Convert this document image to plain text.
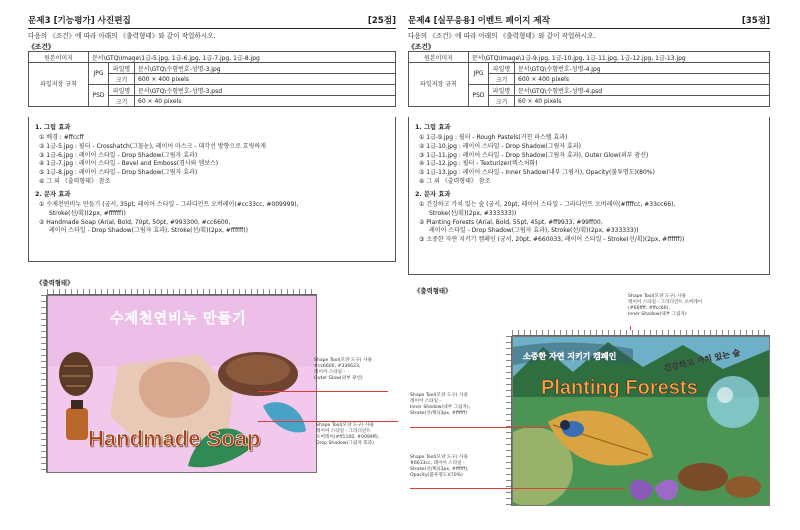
문제3 [기능평가] 사진편집	[25점]
다음의 《조건》에 따라 아래의 《출력형태》와 같이 작업하시오.
《조건》
원본이미지	문서\GTQ\Image\1급-5.jpg, 1급-6.jpg, 1급-7.jpg, 1급-8.jpg		
파일저장 규칙	JPG	파일명	문서\GTQ\수험번호-성명-3.jpg
		크기	600 × 400 pixels
	PSD	파일명	문서\GTQ\수험번호-성명-3.psd
		크기	60 × 40 pixels
1. 그림 효과
① 배경 : #ffccff
② 1급-5.jpg : 필터 - Crosshatch(그물눈), 레이어 마스크 - 대각선 방향으로 흐릿하게
③ 1급-6.jpg : 레이어 스타일 - Drop Shadow(그림자 효과)
④ 1급-7.jpg : 레이어 스타일 - Bevel and Emboss(경사와 엠보스)
⑤ 1급-8.jpg : 레이어 스타일 - Drop Shadow(그림자 효과)
⑥ 그 외 《출력형태》 참조
2. 문자 효과
① 수제천연비누 만들기 (궁서, 35pt, 레이어 스타일 - 그라디언트 오버레이(#cc33cc, #009999),
Stroke(선/획)(2px, #ffffff))
② Handmade Soap (Arial, Bold, 70pt, 50pt, #993300, #cc6600,
레이어 스타일 - Drop Shadow(그림자 효과), Stroke(선/획)(2px, #ffffff))
《출력형태》
수제천연비누 만들기
Handmade Soap
Shape Tool(모양 도구) 사용
#cc6600, #336633,
레이어 스타일 -
Outer Glow(외부 광선)
Shape Tool(모양 도구) 사용
레이어 스타일 - 그라디언트
오버레이(#ff1100, #0099ff),
Drop Shadow(그림자 효과)
문제4 [실무응용] 이벤트 페이지 제작	[35점]
다음의 《조건》에 따라 아래의 《출력형태》와 같이 작업하시오.
《조건》
원본이미지	문서\GTQ\Image\1급-9.jpg, 1급-10.jpg, 1급-11.jpg, 1급-12.jpg, 1급-13.jpg		
파일저장 규칙	JPG	파일명	문서\GTQ\수험번호-성명-4.jpg
		크기	600 × 400 pixels
	PSD	파일명	문서\GTQ\수험번호-성명-4.psd
		크기	60 × 40 pixels
1. 그림 효과
① 1급-9.jpg : 필터 - Rough Pastels(거친 파스텔 효과)
② 1급-10.jpg : 레이어 스타일 - Drop Shadow(그림자 효과)
③ 1급-11.jpg : 레이어 스타일 - Drop Shadow(그림자 효과), Outer Glow(외부 광선)
④ 1급-12.jpg : 필터 - Texturizer(텍스처화)
⑤ 1급-13.jpg : 레이어 스타일 - Inner Shadow(내부 그림자), Opacity(불투명도)(80%)
⑥ 그 외 《출력형태》 참조
2. 문자 효과
① 건강하고 가치 있는 숲 (궁서, 20pt, 레이어 스타일 - 그라디언트 오버레이(#ffffcc, #33cc66),
Stroke(선/획)(2px, #333333))
② Planting Forests (Arial, Bold, 55pt, 45pt, #ff9933, #99ff00,
레이어 스타일 - Drop Shadow(그림자 효과), Stroke(선/획)(2px, #333333))
③ 소중한 자연 지키기 캠페인 (궁서, 20pt, #660033, 레이어 스타일 - Stroke(선/획)(2px, #ffffff))
《출력형태》
Shape Tool(모양 도구) 사용
레이어 스타일 - 그라디언트 오버레이
(#66ffff, #ffcc66),
Inner Shadow(내부 그림자)
소중한 자연 지키기 캠페인
Planting Forests
건강하고 가치 있는 숲
Shape Tool(모양 도구) 사용
레이어 스타일 -
Inner Shadow(내부 그림자),
Stroke(선/획)(3px, #ffffff)
Shape Tool(모양 도구) 사용
#6633cc, 레이어 스타일 -
Stroke(선/획)(3px, #ffffff),
Opacity(불투명도)(70%)
